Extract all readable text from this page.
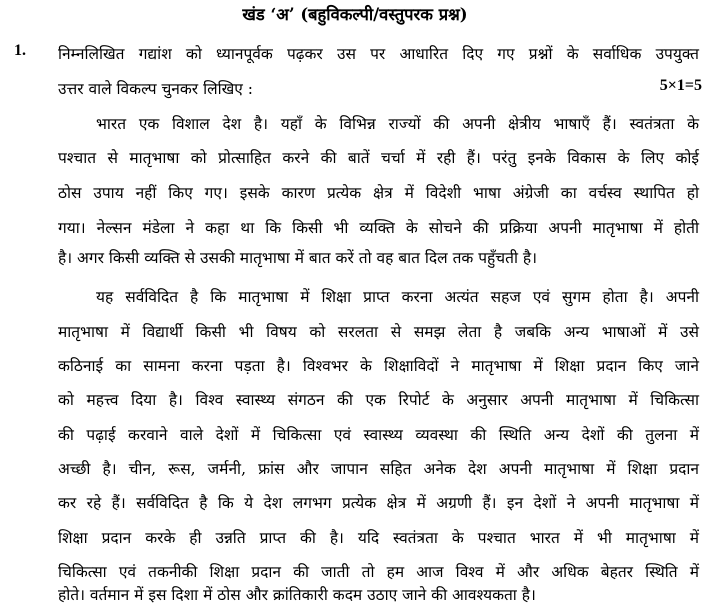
खंड ‘अ’ (बहुविकल्पी/वस्तुपरक प्रश्न)
1. निम्नलिखित गद्यांश को ध्यानपूर्वक पढ़कर उस पर आधारित दिए गए प्रश्नों के सर्वाधिक उपयुक्त
उत्तर वाले विकल्प चुनकर लिखिए :	5×1=5
भारत एक विशाल देश है। यहाँ के विभिन्न राज्यों की अपनी क्षेत्रीय भाषाएँ हैं। स्वतंत्रता के
पश्चात से मातृभाषा को प्रोत्साहित करने की बातें चर्चा में रही हैं। परंतु इनके विकास के लिए कोई
ठोस उपाय नहीं किए गए। इसके कारण प्रत्येक क्षेत्र में विदेशी भाषा अंग्रेजी का वर्चस्व स्थापित हो
गया। नेल्सन मंडेला ने कहा था कि किसी भी व्यक्ति के सोचने की प्रक्रिया अपनी मातृभाषा में होती
है। अगर किसी व्यक्ति से उसकी मातृभाषा में बात करें तो वह बात दिल तक पहुँचती है।
यह सर्वविदित है कि मातृभाषा में शिक्षा प्राप्त करना अत्यंत सहज एवं सुगम होता है। अपनी
मातृभाषा में विद्यार्थी किसी भी विषय को सरलता से समझ लेता है जबकि अन्य भाषाओं में उसे
कठिनाई का सामना करना पड़ता है। विश्वभर के शिक्षाविदों ने मातृभाषा में शिक्षा प्रदान किए जाने
को महत्त्व दिया है। विश्व स्वास्थ्य संगठन की एक रिपोर्ट के अनुसार अपनी मातृभाषा में चिकित्सा
की पढ़ाई करवाने वाले देशों में चिकित्सा एवं स्वास्थ्य व्यवस्था की स्थिति अन्य देशों की तुलना में
अच्छी है। चीन, रूस, जर्मनी, फ्रांस और जापान सहित अनेक देश अपनी मातृभाषा में शिक्षा प्रदान
कर रहे हैं। सर्वविदित है कि ये देश लगभग प्रत्येक क्षेत्र में अग्रणी हैं। इन देशों ने अपनी मातृभाषा में
शिक्षा प्रदान करके ही उन्नति प्राप्त की है। यदि स्वतंत्रता के पश्चात भारत में भी मातृभाषा में
चिकित्सा एवं तकनीकी शिक्षा प्रदान की जाती तो हम आज विश्व में और अधिक बेहतर स्थिति में
होते। वर्तमान में इस दिशा में ठोस और क्रांतिकारी कदम उठाए जाने की आवश्यकता है।
